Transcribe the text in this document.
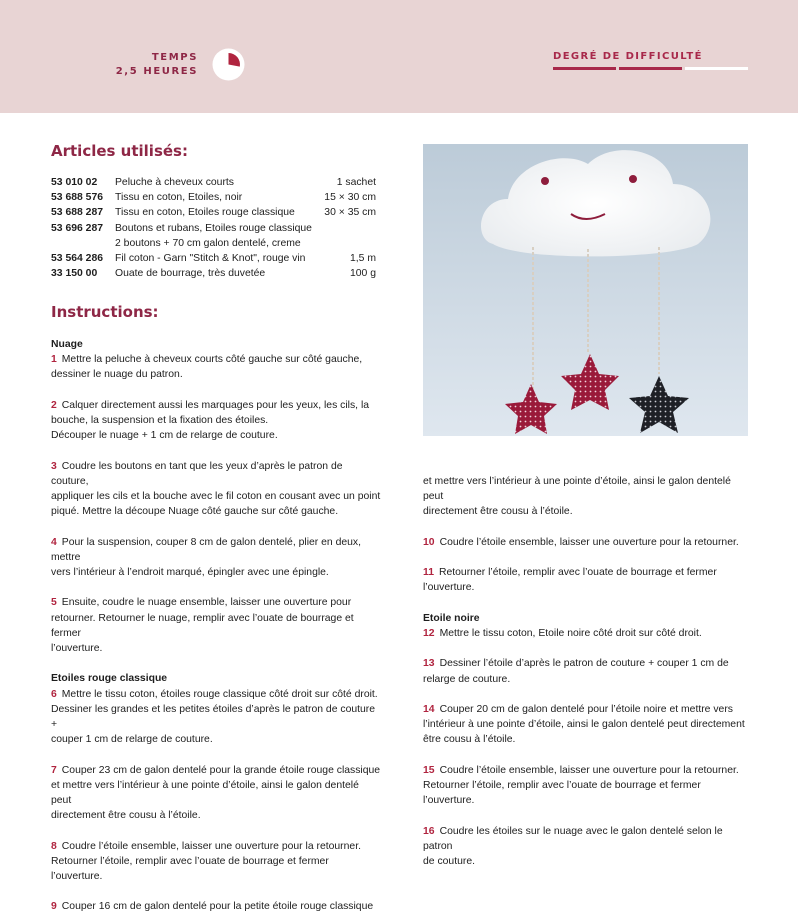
TEMPS
2,5 HEURES
DEGRÉ DE DIFFICULTÉ
Articles utilisés:
53 010 02	Peluche à cheveux courts	1 sachet
53 688 576	Tissu en coton, Etoiles, noir	15 × 30 cm
53 688 287	Tissu en coton, Etoiles rouge classique	30 × 35 cm
53 696 287	Boutons et rubans, Etoiles rouge classique
2 boutons + 70 cm galon dentelé, creme
53 564 286	Fil coton - Garn "Stitch & Knot", rouge vin	1,5 m
33 150 00	Ouate de bourrage, très duvetée	100 g
Instructions:

Nuage

1 Mettre la peluche à cheveux courts côté gauche sur côté gauche,

dessiner le nuage du patron.

2 Calquer directement aussi les marquages pour les yeux, les cils, la

bouche, la suspension et la fixation des étoiles.

Découper le nuage + 1 cm de relarge de couture.

3 Coudre les boutons en tant que les yeux d’après le patron de couture,

appliquer les cils et la bouche avec le fil coton en cousant avec un point

piqué. Mettre la découpe Nuage côté gauche sur côté gauche.

4 Pour la suspension, couper 8 cm de galon dentelé, plier en deux, mettre

vers l’intérieur à l’endroit marqué, épingler avec une épingle.

5 Ensuite, coudre le nuage ensemble, laisser une ouverture pour

retourner. Retourner le nuage, remplir avec l’ouate de bourrage et fermer

l’ouverture.

Etoiles rouge classique

6 Mettre le tissu coton, étoiles rouge classique côté droit sur côté droit.

Dessiner les grandes et les petites étoiles d’après le patron de couture +

couper 1 cm de relarge de couture.

7 Couper 23 cm de galon dentelé pour la grande étoile rouge classique

et mettre vers l’intérieur à une pointe d’étoile, ainsi le galon dentelé peut

directement être cousu à l’étoile.

8 Coudre l’étoile ensemble, laisser une ouverture pour la retourner.

Retourner l’étoile, remplir avec l’ouate de bourrage et fermer l’ouverture.

9 Couper 16 cm de galon dentelé pour la petite étoile rouge classique

et mettre vers l’intérieur à une pointe d’étoile, ainsi le galon dentelé peut

directement être cousu à l’étoile.

10 Coudre l’étoile ensemble, laisser une ouverture pour la retourner.

11 Retourner l’étoile, remplir avec l’ouate de bourrage et fermer

l’ouverture.

Etoile noire

12 Mettre le tissu coton, Etoile noire côté droit sur côté droit.

13 Dessiner l’étoile d’après le patron de couture + couper 1 cm de

relarge de couture.

14 Couper 20 cm de galon dentelé pour l’étoile noire et mettre vers

l’intérieur à une pointe d’étoile, ainsi le galon dentelé peut directement

être cousu à l’étoile.

15 Coudre l’étoile ensemble, laisser une ouverture pour la retourner.

Retourner l’étoile, remplir avec l’ouate de bourrage et fermer l’ouverture.

16 Coudre les étoiles sur le nuage avec le galon dentelé selon le patron

de couture.
